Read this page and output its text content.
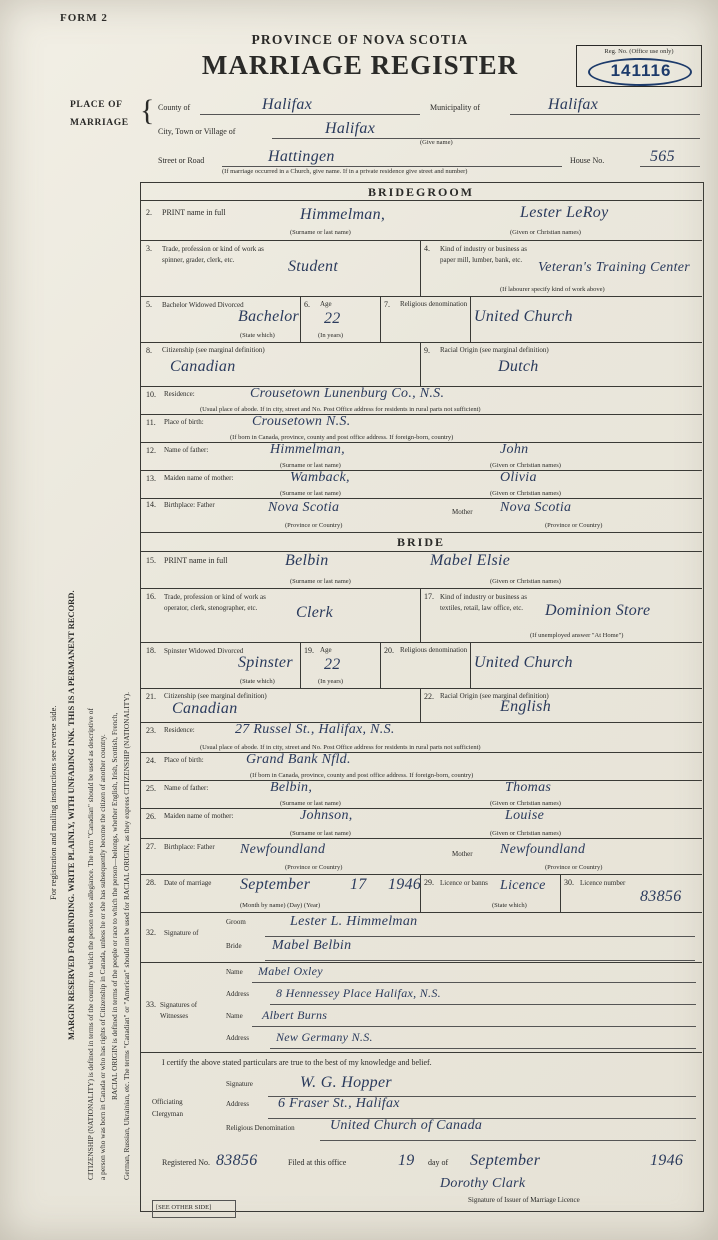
FORM 2
PROVINCE OF NOVA SCOTIA
MARRIAGE REGISTER	Reg. No. (Office use only)
141116
PLACE OF
MARRIAGE { County of	Halifax	Municipality of	Halifax
City, Town or Village of	Halifax
(Give name)
Street or Road	Hattingen	House No.	565
(If marriage occurred in a Church, give name. If in a private residence give street and number)
BRIDEGROOM
2. PRINT name in full	Himmelman,	Lester LeRoy
(Surname or last name)	(Given or Christian names)
3. Trade, profession or kind of work as spinner, grader, clerk, etc.	Student
4. Kind of industry or business as paper mill, lumber, bank, etc.	Veteran's Training Center
(If labourer specify kind of work above)
5. Bachelor Widowed Divorced
Bachelor
(State which)
6. Age
22
(In years)
7. Religious denomination
United Church
8. Citizenship (see marginal definition)
Canadian
9. Racial Origin (see marginal definition)
Dutch
10. Residence:	Crousetown Lunenburg Co., N.S.
(Usual place of abode. If in city, street and No. Post Office address for residents in rural parts not sufficient)
11. Place of birth:	Crousetown N.S.
(If born in Canada, province, county and post office address. If foreign-born, country)
12. Name of father:	Himmelman,	John
(Surname or last name)	(Given or Christian names)
13. Maiden name of mother:	Wamback,	Olivia
(Surname or last name)	(Given or Christian names)
14. Birthplace: Father	Nova Scotia	Mother Nova Scotia
(Province or Country)	(Province or Country)
BRIDE
15. PRINT name in full	Belbin	Mabel Elsie
(Surname or last name)	(Given or Christian names)
16. Trade, profession or kind of work as operator, clerk, stenographer, etc.	Clerk
17. Kind of industry or business as textiles, retail, law office, etc.	Dominion Store
(If unemployed answer "At Home")
18. Spinster Widowed Divorced
Spinster
(State which)
19. Age
22
(In years)
20. Religious denomination
United Church
21. Citizenship (see marginal definition)
Canadian
22. Racial Origin (see marginal definition)
English
23. Residence:	27 Russel St., Halifax, N.S.
(Usual place of abode. If in city, street and No. Post Office address for residents in rural parts not sufficient)
24. Place of birth:	Grand Bank Nfld.
(If born in Canada, province, county and post office address. If foreign-born, country)
25. Name of father:	Belbin,	Thomas
(Surname or last name)	(Given or Christian names)
26. Maiden name of mother:	Johnson,	Louise
(Surname or last name)	(Given or Christian names)
27. Birthplace: Father	Newfoundland	Mother Newfoundland
(Province or Country)	(Province or Country)
28. Date of marriage	September 17 1946
(Month by name) (Day) (Year)
29. Licence or banns Licence
(State which)
30. Licence number
83856
32. Signature of
Groom	Lester L. Himmelman
Bride Mabel Belbin
33. Signatures of Witnesses
Name Mabel Oxley
Address 8 Hennessey Place Halifax, N.S.
Name Albert Burns
Address New Germany N.S.
I certify the above stated particulars are true to the best of my knowledge and belief.
Officiating
Clergyman
Signature	W. G. Hopper
Address 6 Fraser St., Halifax
Religious Denomination	United Church of Canada
Registered No. 83856	Filed at this office	19 day of September	1946
Dorothy Clark
Signature of Issuer of Marriage Licence
[SEE OTHER SIDE]
For registration and mailing instructions see reverse side. MARGIN RESERVED FOR BINDING. WRITE PLAINLY, WITH UNFADING INK. THIS IS A PERMANENT RECORD. CITIZENSHIP (NATIONALITY) is defined in terms of the country to which the person owes allegiance. The term "Canadian" should be used as descriptive of a person who was born in Canada or who has rights of Citizenship in Canada, unless he or she has subsequently become the citizen of another country. RACIAL ORIGIN is defined in terms of the people or race to which the person—belongs, whether English, Irish, Scottish, French, German, Russian, Ukrainian, etc. The terms "Canadian" or "American" should not be used for RACIAL ORIGIN, as they express CITIZENSHIP (NATIONALITY).
